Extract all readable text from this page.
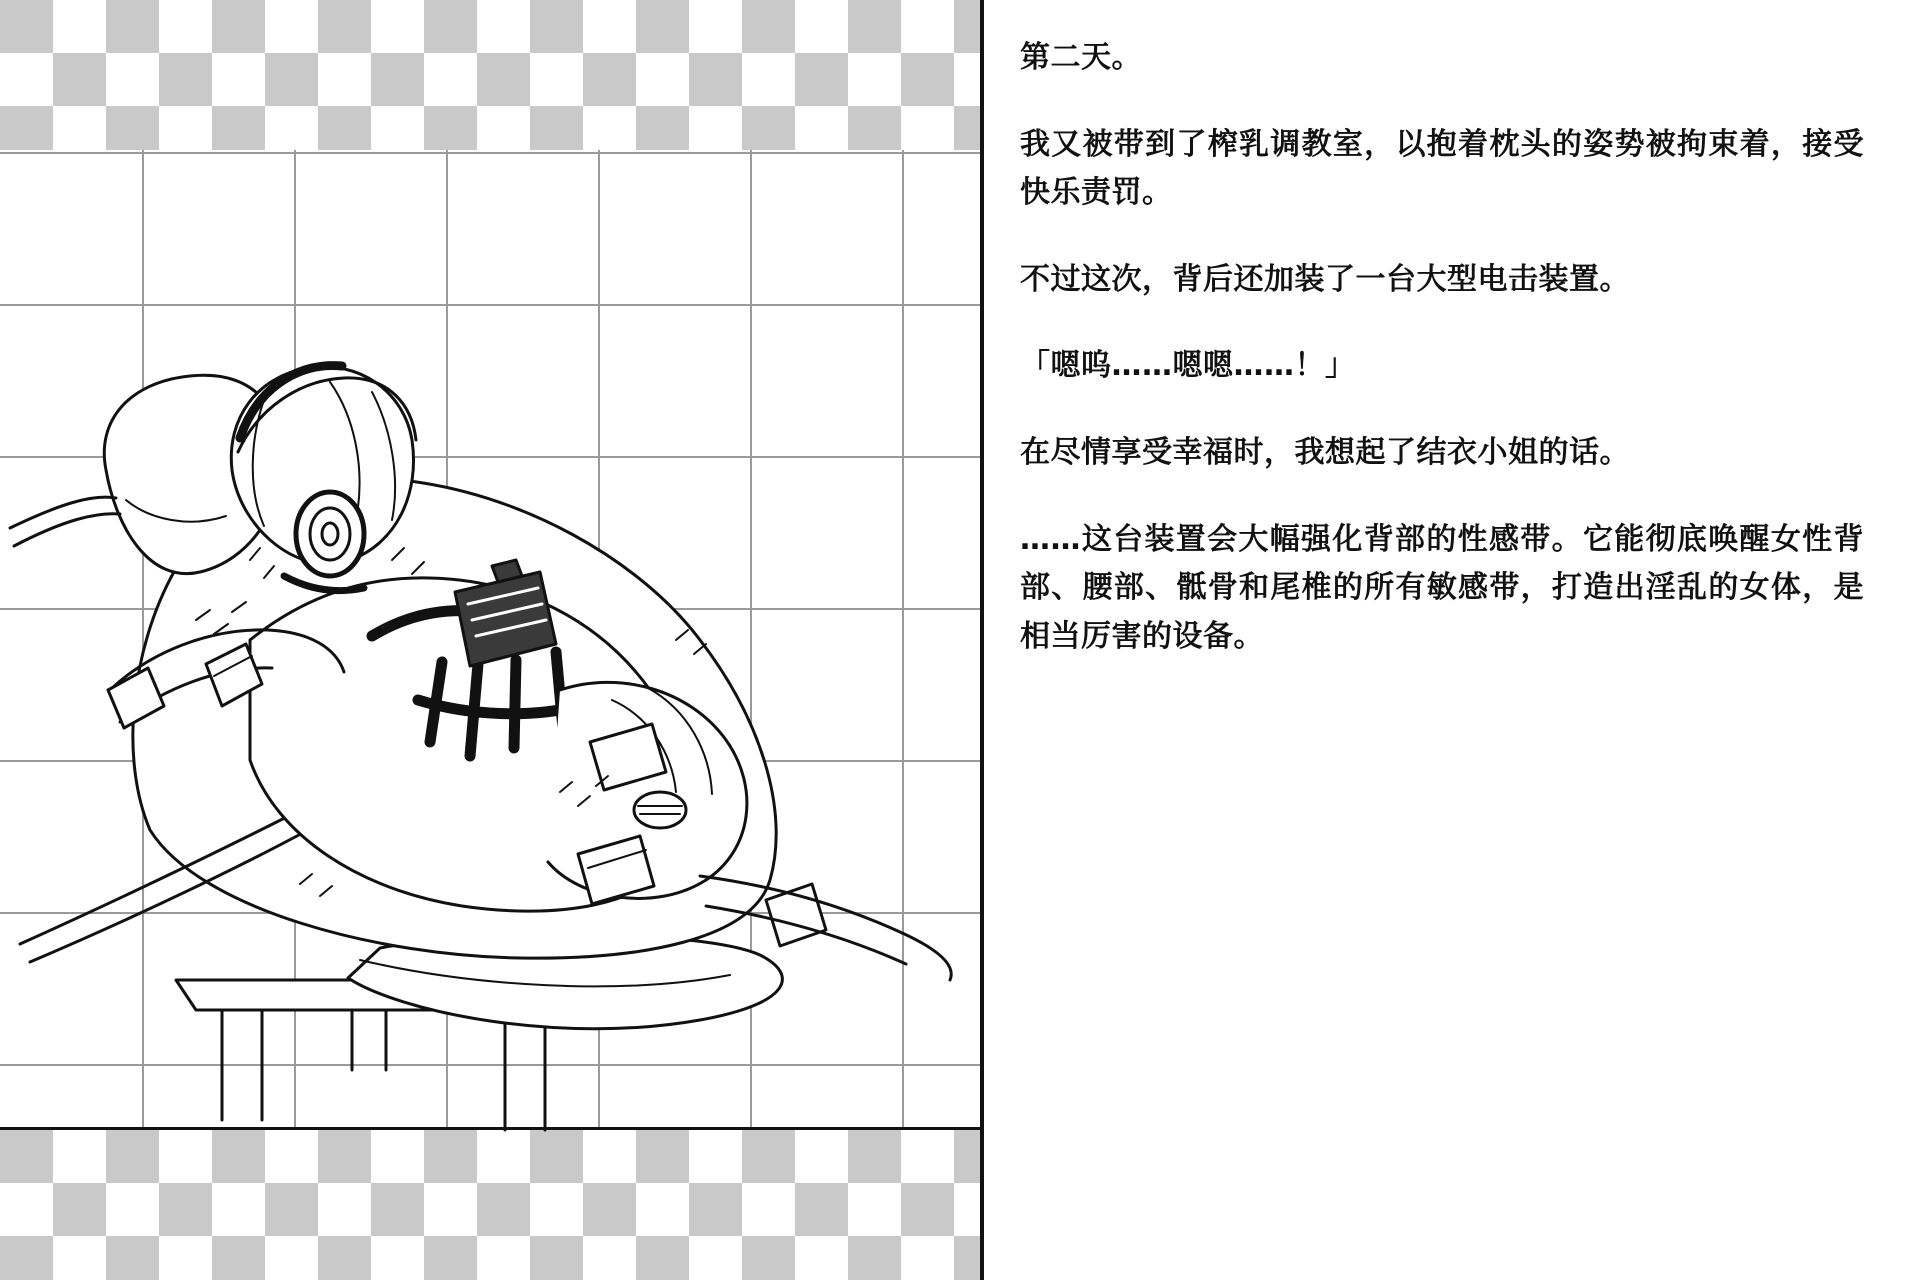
第二天。

我又被带到了榨乳调教室，以抱着枕头的姿势被拘束着，接受快乐责罚。

不过这次，背后还加装了一台大型电击装置。

「嗯呜……嗯嗯……！」

在尽情享受幸福时，我想起了结衣小姐的话。

……这台装置会大幅强化背部的性感带。它能彻底唤醒女性背部、腰部、骶骨和尾椎的所有敏感带，打造出淫乱的女体，是相当厉害的设备。
